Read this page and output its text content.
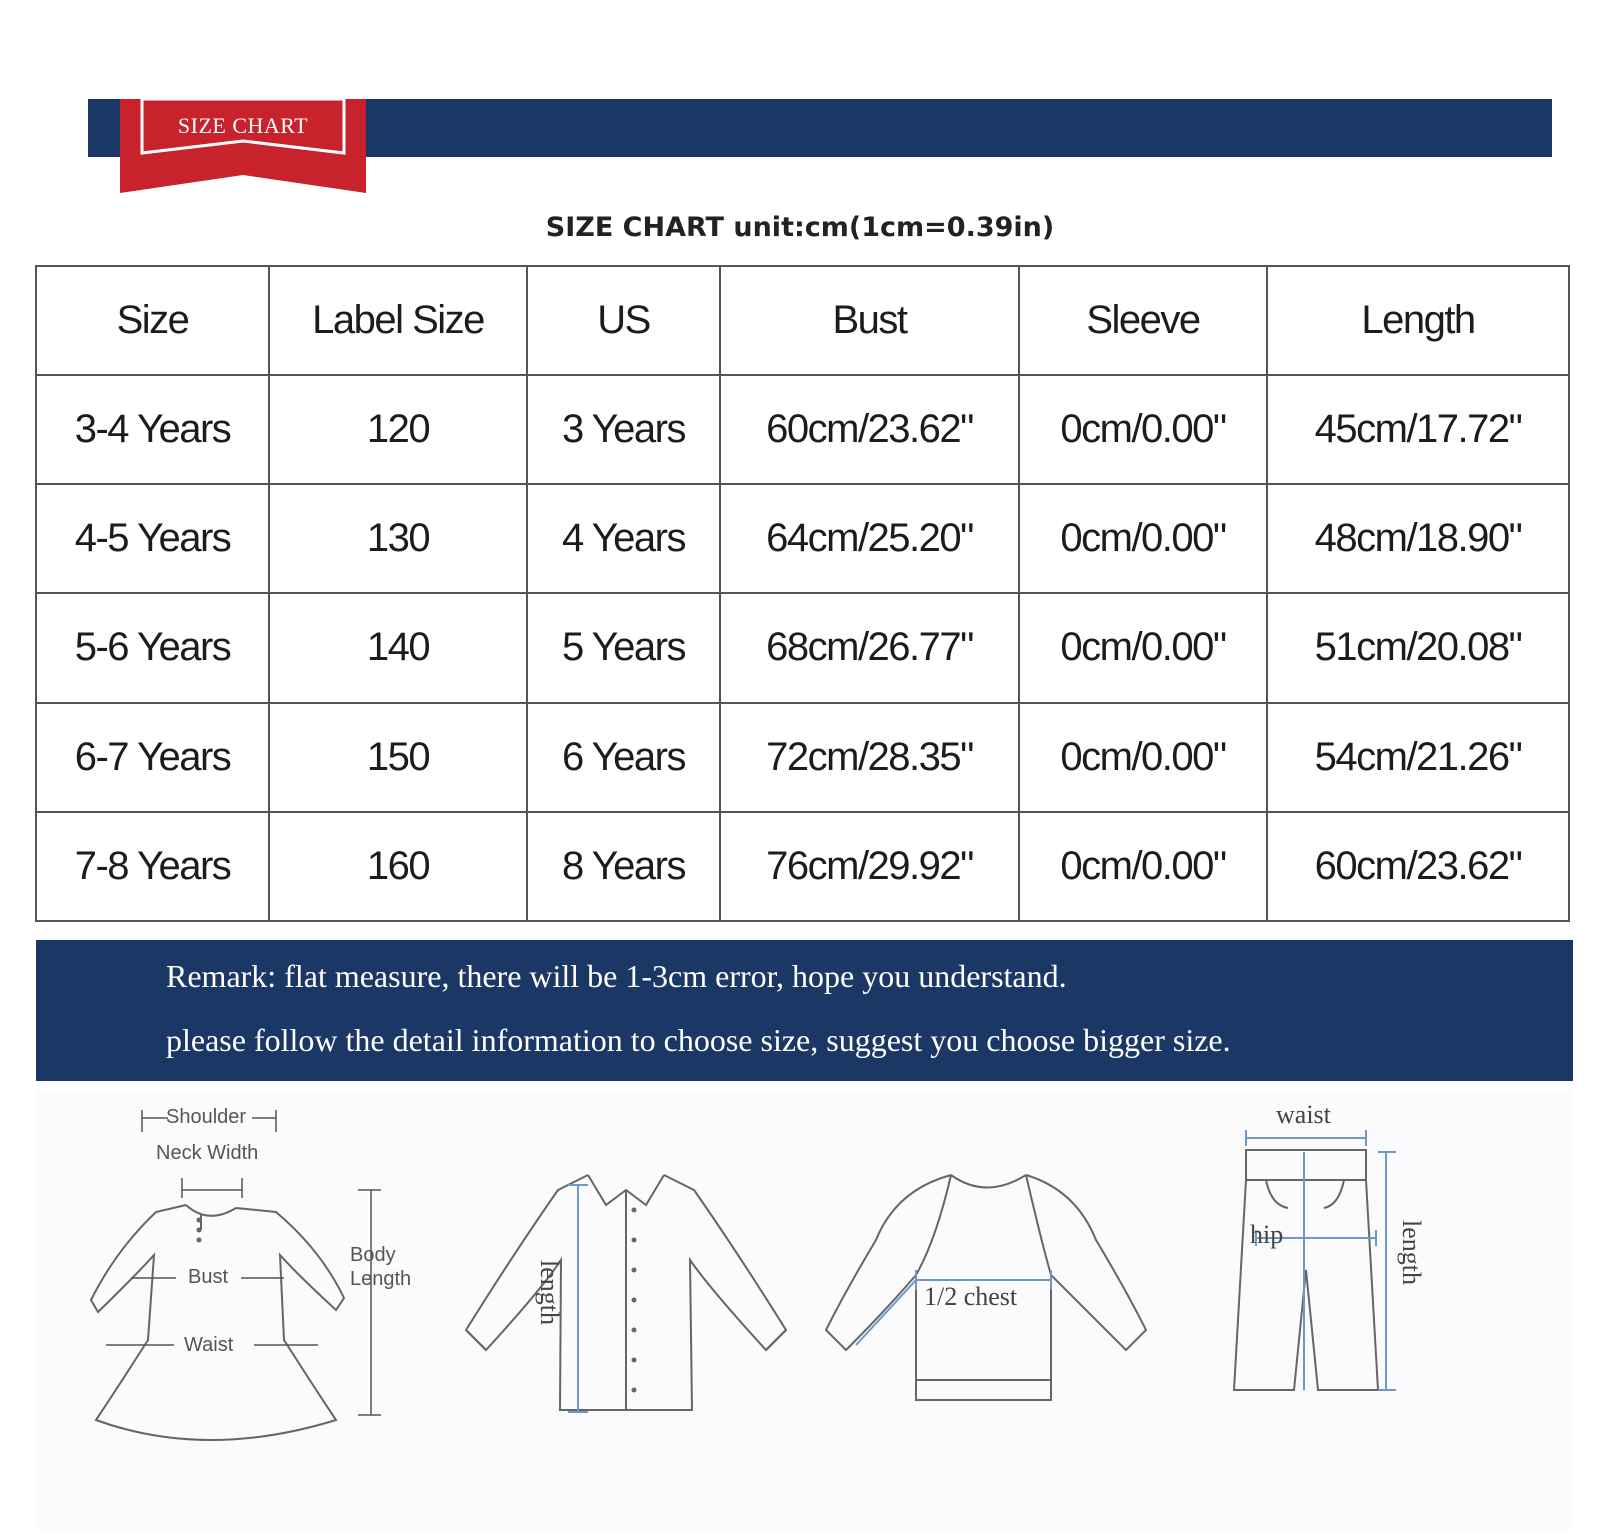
SIZE CHART
SIZE CHART unit:cm(1cm=0.39in)
Size	Label Size	US	Bust	Sleeve	Length
3-4 Years	120	3 Years	60cm/23.62"	0cm/0.00"	45cm/17.72"
4-5 Years	130	4 Years	64cm/25.20"	0cm/0.00"	48cm/18.90"
5-6 Years	140	5 Years	68cm/26.77"	0cm/0.00"	51cm/20.08"
6-7 Years	150	6 Years	72cm/28.35"	0cm/0.00"	54cm/21.26"
7-8 Years	160	8 Years	76cm/29.92"	0cm/0.00"	60cm/23.62"
Remark: flat measure, there will be 1-3cm error, hope you understand.
please follow the detail information to choose size, suggest you choose bigger size.
Shoulder
Neck Width
Bust
Waist
Body
Length	length	1/2 chest
waist
hip	length
